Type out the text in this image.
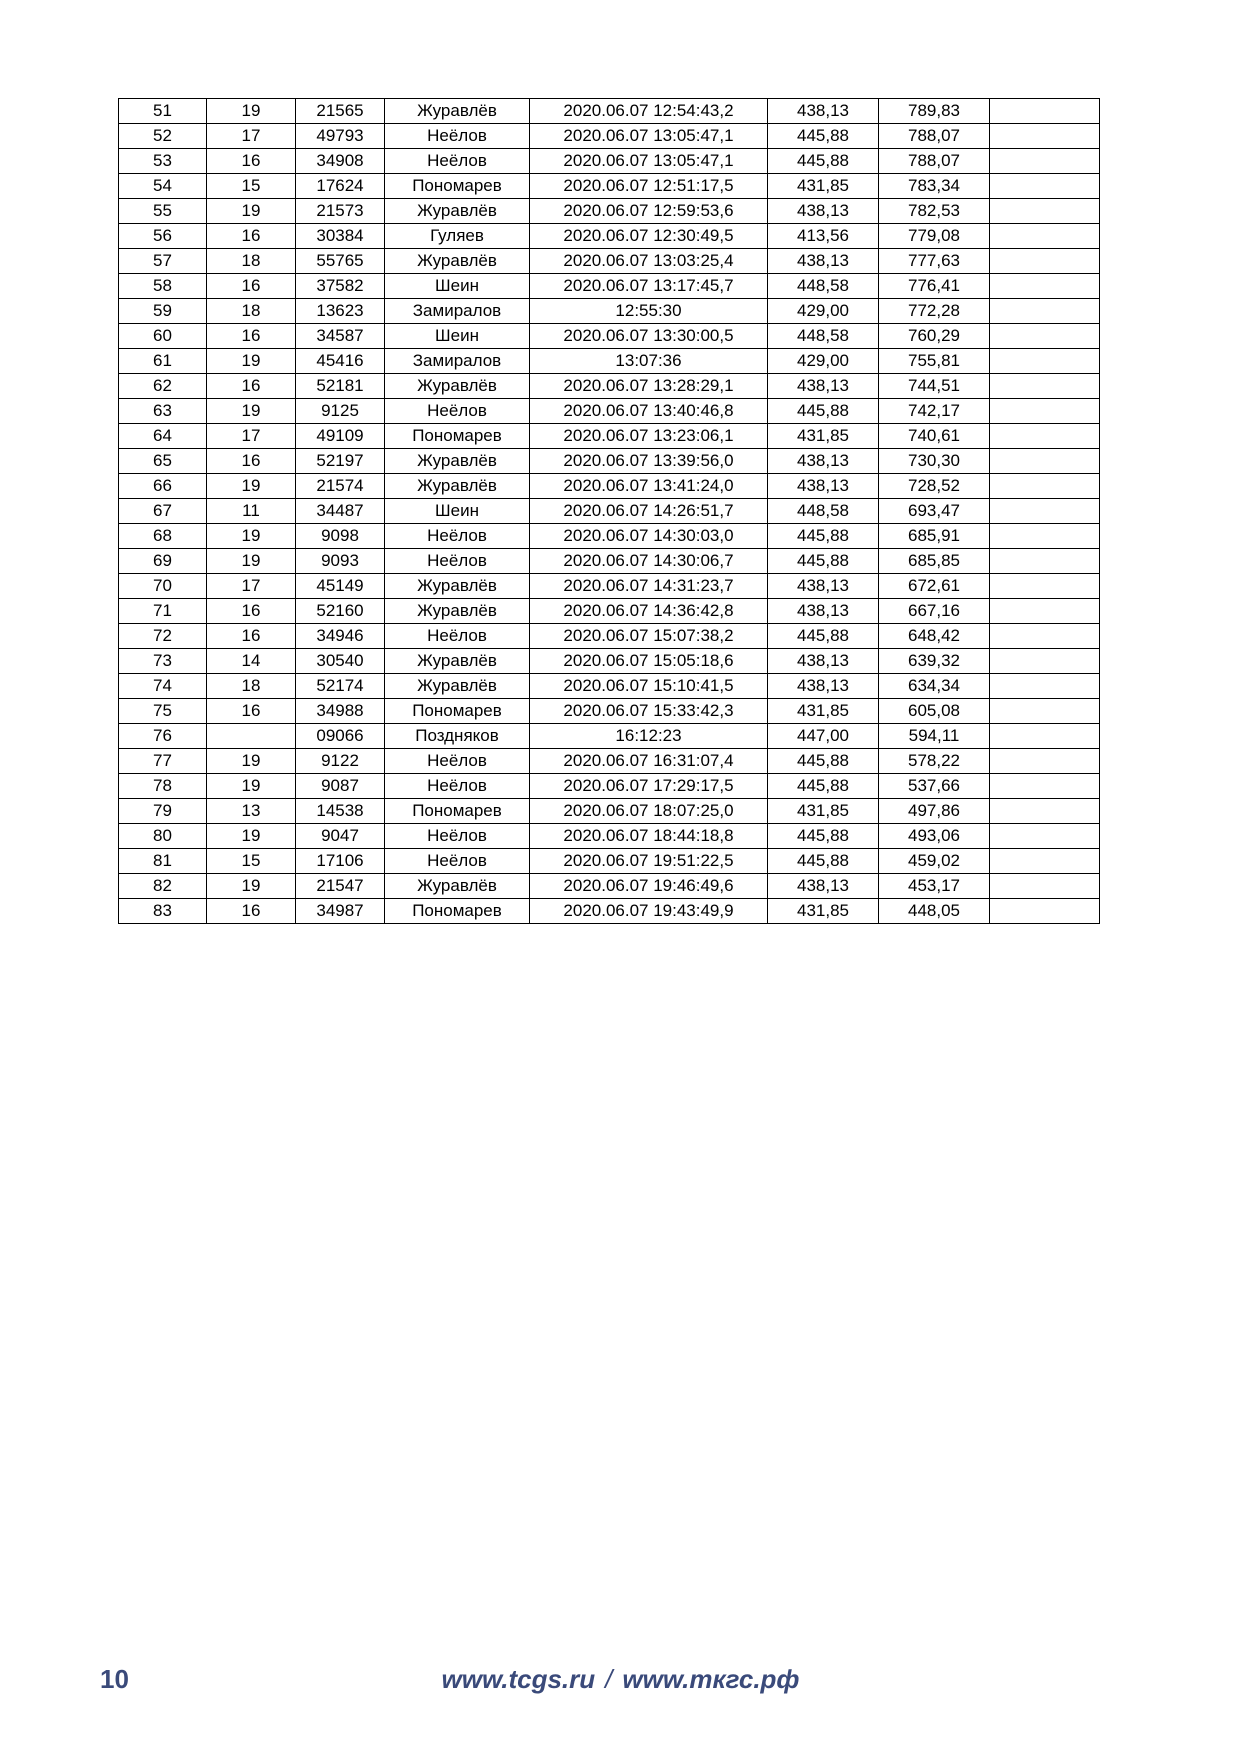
51	19	21565	Журавлёв	2020.06.07 12:54:43,2	438,13	789,83	
52	17	49793	Неёлов	2020.06.07 13:05:47,1	445,88	788,07	
53	16	34908	Неёлов	2020.06.07 13:05:47,1	445,88	788,07	
54	15	17624	Пономарев	2020.06.07 12:51:17,5	431,85	783,34	
55	19	21573	Журавлёв	2020.06.07 12:59:53,6	438,13	782,53	
56	16	30384	Гуляев	2020.06.07 12:30:49,5	413,56	779,08	
57	18	55765	Журавлёв	2020.06.07 13:03:25,4	438,13	777,63	
58	16	37582	Шеин	2020.06.07 13:17:45,7	448,58	776,41	
59	18	13623	Замиралов	12:55:30	429,00	772,28	
60	16	34587	Шеин	2020.06.07 13:30:00,5	448,58	760,29	
61	19	45416	Замиралов	13:07:36	429,00	755,81	
62	16	52181	Журавлёв	2020.06.07 13:28:29,1	438,13	744,51	
63	19	9125	Неёлов	2020.06.07 13:40:46,8	445,88	742,17	
64	17	49109	Пономарев	2020.06.07 13:23:06,1	431,85	740,61	
65	16	52197	Журавлёв	2020.06.07 13:39:56,0	438,13	730,30	
66	19	21574	Журавлёв	2020.06.07 13:41:24,0	438,13	728,52	
67	11	34487	Шеин	2020.06.07 14:26:51,7	448,58	693,47	
68	19	9098	Неёлов	2020.06.07 14:30:03,0	445,88	685,91	
69	19	9093	Неёлов	2020.06.07 14:30:06,7	445,88	685,85	
70	17	45149	Журавлёв	2020.06.07 14:31:23,7	438,13	672,61	
71	16	52160	Журавлёв	2020.06.07 14:36:42,8	438,13	667,16	
72	16	34946	Неёлов	2020.06.07 15:07:38,2	445,88	648,42	
73	14	30540	Журавлёв	2020.06.07 15:05:18,6	438,13	639,32	
74	18	52174	Журавлёв	2020.06.07 15:10:41,5	438,13	634,34	
75	16	34988	Пономарев	2020.06.07 15:33:42,3	431,85	605,08	
76		09066	Поздняков	16:12:23	447,00	594,11	
77	19	9122	Неёлов	2020.06.07 16:31:07,4	445,88	578,22	
78	19	9087	Неёлов	2020.06.07 17:29:17,5	445,88	537,66	
79	13	14538	Пономарев	2020.06.07 18:07:25,0	431,85	497,86	
80	19	9047	Неёлов	2020.06.07 18:44:18,8	445,88	493,06	
81	15	17106	Неёлов	2020.06.07 19:51:22,5	445,88	459,02	
82	19	21547	Журавлёв	2020.06.07 19:46:49,6	438,13	453,17	
83	16	34987	Пономарев	2020.06.07 19:43:49,9	431,85	448,05	
10	www.tcgs.ru / www.ткгс.рф
